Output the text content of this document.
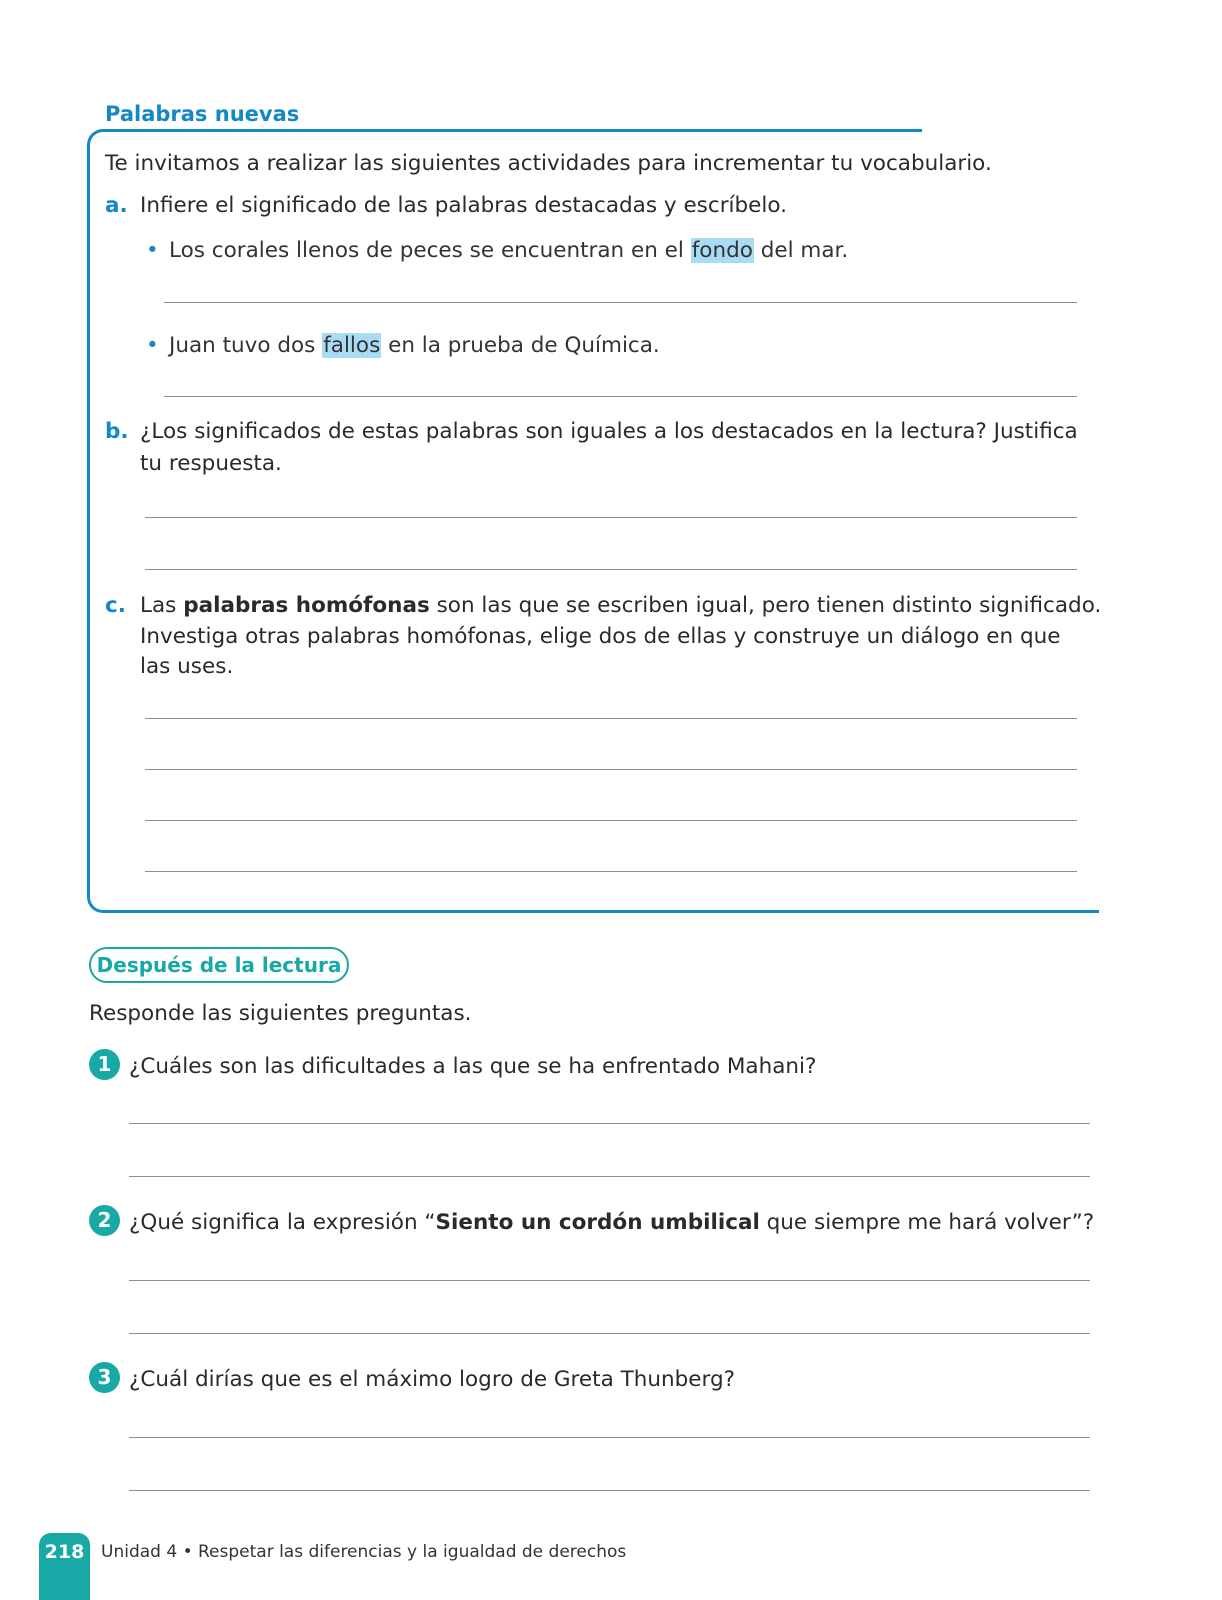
Palabras nuevas
Te invitamos a realizar las siguientes actividades para incrementar tu vocabulario.
a. Infiere el significado de las palabras destacadas y escríbelo.
• Los corales llenos de peces se encuentran en el fondo del mar.
• Juan tuvo dos fallos en la prueba de Química.
b. ¿Los significados de estas palabras son iguales a los destacados en la lectura? Justifica
tu respuesta.
c. Las palabras homófonas son las que se escriben igual, pero tienen distinto significado.
Investiga otras palabras homófonas, elige dos de ellas y construye un diálogo en que
las uses.
Después de la lectura
Responde las siguientes preguntas.
1 ¿Cuáles son las dificultades a las que se ha enfrentado Mahani?
2 ¿Qué significa la expresión “Siento un cordón umbilical que siempre me hará volver”?
3 ¿Cuál dirías que es el máximo logro de Greta Thunberg?
218 Unidad 4 • Respetar las diferencias y la igualdad de derechos
